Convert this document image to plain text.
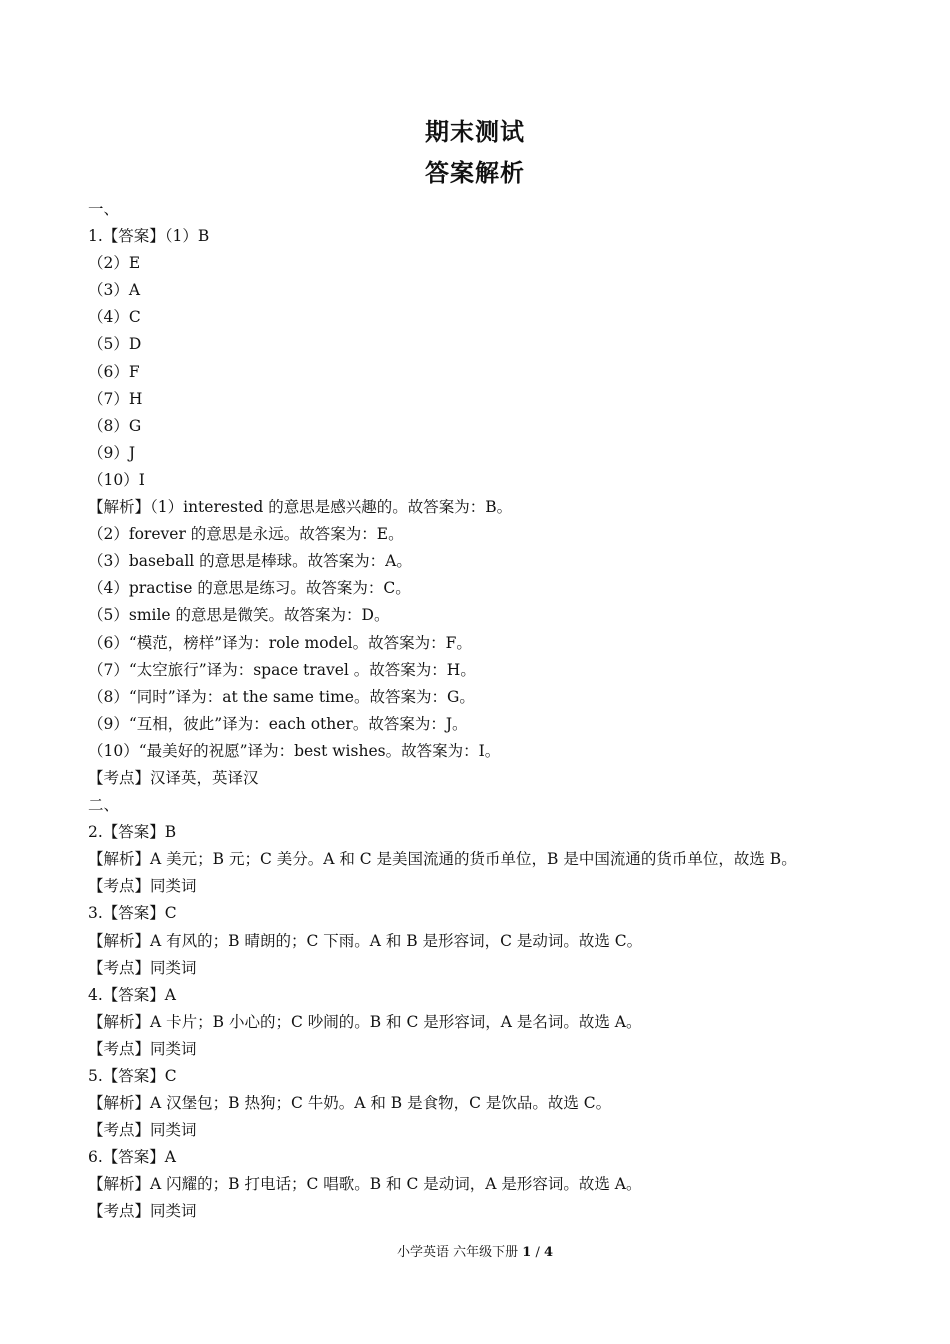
期末测试
答案解析
一、
1.【答案】（1）B
（2）E
（3）A
（4）C
（5）D
（6）F
（7）H
（8）G
（9）J
（10）I
【解析】（1）interested 的意思是感兴趣的。故答案为：B。
（2）forever 的意思是永远。故答案为：E。
（3）baseball 的意思是棒球。故答案为：A。
（4）practise 的意思是练习。故答案为：C。
（5）smile 的意思是微笑。故答案为：D。
（6）“模范，榜样”译为：role model。故答案为：F。
（7）“太空旅行”译为：space travel 。故答案为：H。
（8）“同时”译为：at the same time。故答案为：G。
（9）“互相，彼此”译为：each other。故答案为：J。
（10）“最美好的祝愿”译为：best wishes。故答案为：I。
【考点】汉译英，英译汉
二、
2.【答案】B
【解析】A 美元；B 元；C 美分。A 和 C 是美国流通的货币单位，B 是中国流通的货币单位，故选 B。
【考点】同类词
3.【答案】C
【解析】A 有风的；B 晴朗的；C 下雨。A 和 B 是形容词，C 是动词。故选 C。
【考点】同类词
4.【答案】A
【解析】A 卡片；B 小心的；C 吵闹的。B 和 C 是形容词，A 是名词。故选 A。
【考点】同类词
5.【答案】C
【解析】A 汉堡包；B 热狗；C 牛奶。A 和 B 是食物，C 是饮品。故选 C。
【考点】同类词
6.【答案】A
【解析】A 闪耀的；B 打电话；C 唱歌。B 和 C 是动词，A 是形容词。故选 A。
【考点】同类词
小学英语 六年级下册 1 / 4
